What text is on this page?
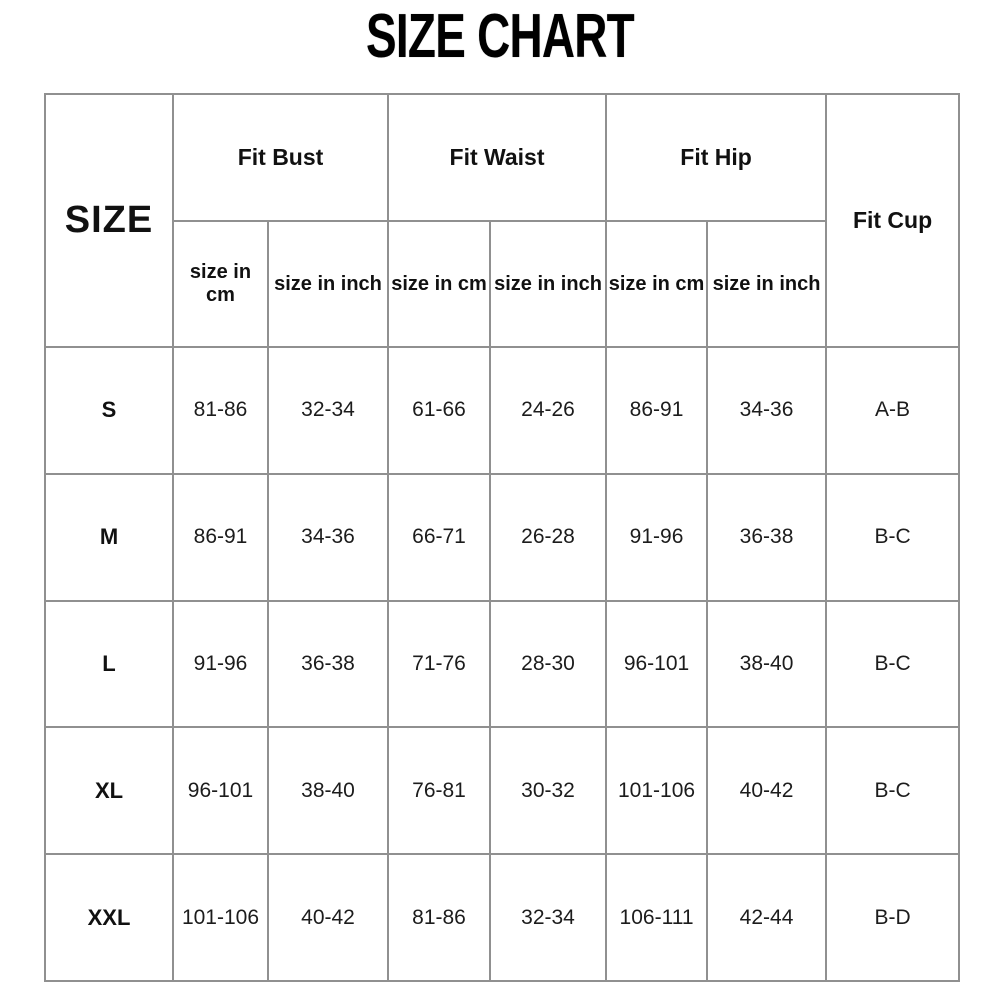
SIZE CHART
SIZE	Fit Bust		Fit Waist		Fit Hip		Fit Cup
	size in cm	size in inch	size in cm	size in inch	size in cm	size in inch	
S	81-86	32-34	61-66	24-26	86-91	34-36	A-B
M	86-91	34-36	66-71	26-28	91-96	36-38	B-C
L	91-96	36-38	71-76	28-30	96-101	38-40	B-C
XL	96-101	38-40	76-81	30-32	101-106	40-42	B-C
XXL	101-106	40-42	81-86	32-34	106-111	42-44	B-D
